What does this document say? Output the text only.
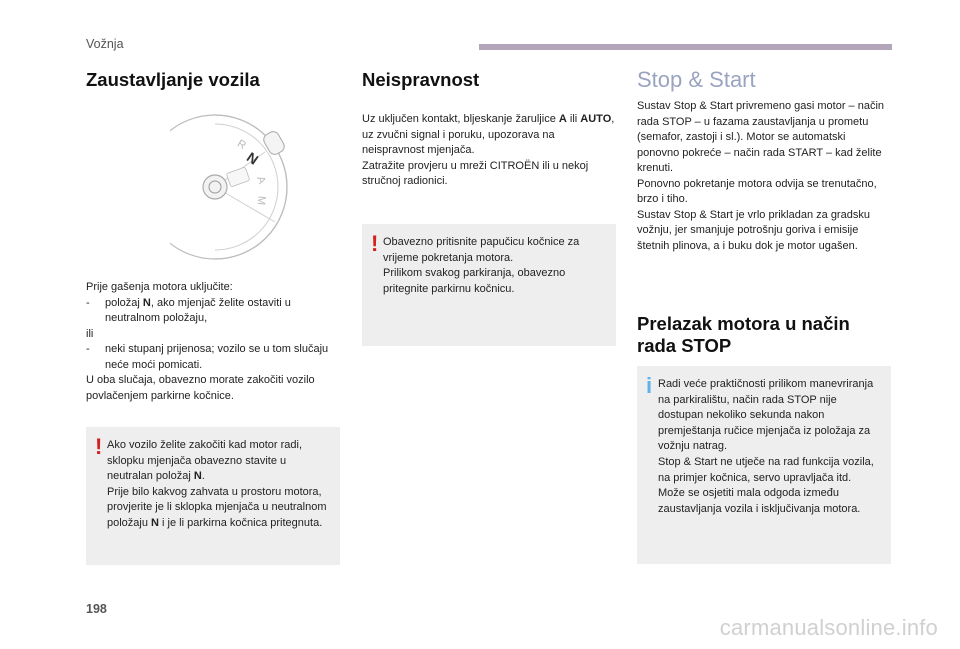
Vožnja
Zaustavljanje vozila

Prije gašenja motora uključite:

- položaj N, ako mjenjač želite ostaviti u neutralnom položaju,

ili

- neki stupanj prijenosa; vozilo se u tom slučaju neće moći pomicati.

U oba slučaja, obavezno morate zakočiti vozilo povlačenjem parkirne kočnice.

! Ako vozilo želite zakočiti kad motor radi, sklopku mjenjača obavezno stavite u neutralan položaj N.
Prije bilo kakvog zahvata u prostoru motora, provjerite je li sklopka mjenjača u neutralnom položaju N i je li parkirna kočnica pritegnuta.
R
N
A
M
Neispravnost

Uz uključen kontakt, bljeskanje žaruljice A ili AUTO, uz zvučni signal i poruku, upozorava na neispravnost mjenjača.

Zatražite provjeru u mreži CITROËN ili u nekoj stručnoj radionici.

! Obavezno pritisnite papučicu kočnice za vrijeme pokretanja motora.
Prilikom svakog parkiranja, obavezno pritegnite parkirnu kočnicu.
Stop & Start

Sustav Stop & Start privremeno gasi motor – način rada STOP – u fazama zaustavljanja u prometu (semafor, zastoji i sl.). Motor se automatski ponovno pokreće – način rada START – kad želite krenuti.

Ponovno pokretanje motora odvija se trenutačno, brzo i tiho.

Sustav Stop & Start je vrlo prikladan za gradsku vožnju, jer smanjuje potrošnju goriva i emisije štetnih plinova, a i buku dok je motor ugašen.

Prelazak motora u način rada STOP
i Radi veće praktičnosti prilikom manevriranja na parkiralištu, način rada STOP nije dostupan nekoliko sekunda nakon premještanja ručice mjenjača iz položaja za vožnju natrag.
Stop & Start ne utječe na rad funkcija vozila, na primjer kočnica, servo upravljača itd.
Može se osjetiti mala odgoda između zaustavljanja vozila i isključivanja motora.
198
carmanualsonline.info
